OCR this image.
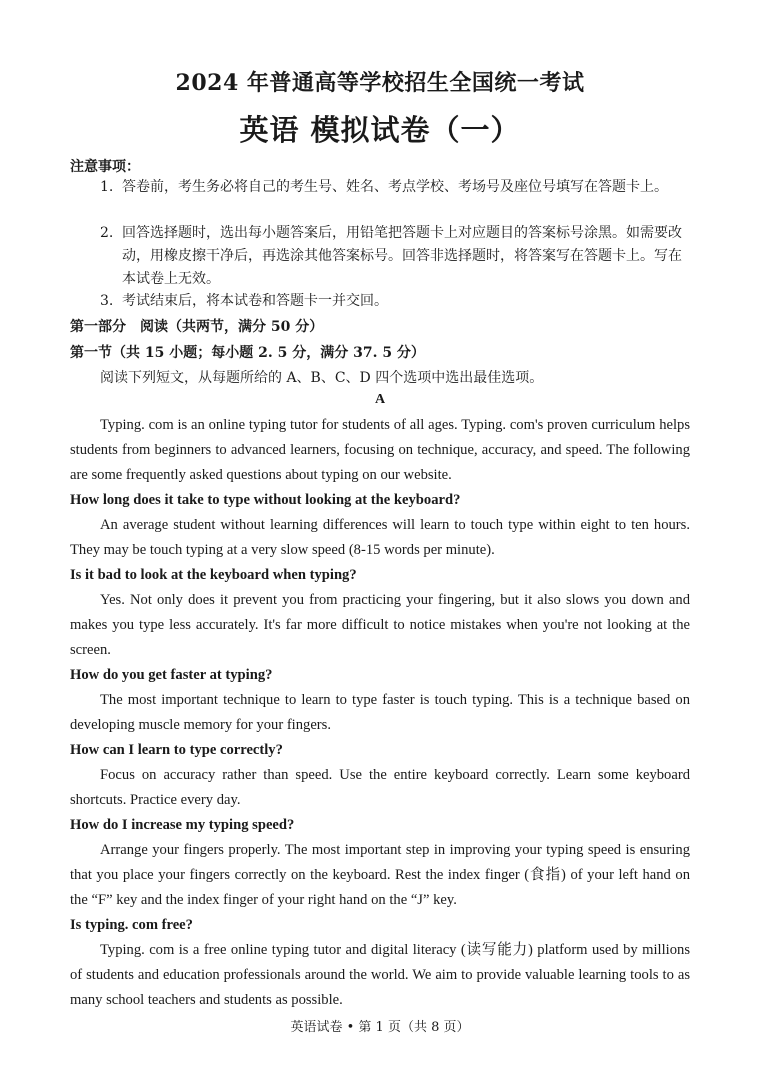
2024 年普通高等学校招生全国统一考试
英语 模拟试卷（一）
注意事项：
1. 答卷前，考生务必将自己的考生号、姓名、考点学校、考场号及座位号填写在答题卡上。
2. 回答选择题时，选出每小题答案后，用铅笔把答题卡上对应题目的答案标号涂黑。如需要改动，用橡皮擦干净后，再选涂其他答案标号。回答非选择题时，将答案写在答题卡上。写在本试卷上无效。
3. 考试结束后，将本试卷和答题卡一并交回。
第一部分　阅读（共两节，满分 50 分）
第一节（共 15 小题；每小题 2. 5 分，满分 37. 5 分）
阅读下列短文，从每题所给的 A、B、C、D 四个选项中选出最佳选项。
A
Typing. com is an online typing tutor for students of all ages. Typing. com's proven curriculum helps students from beginners to advanced learners, focusing on technique, accuracy, and speed. The following are some frequently asked questions about typing on our website.
How long does it take to type without looking at the keyboard?
An average student without learning differences will learn to touch type within eight to ten hours. They may be touch typing at a very slow speed (8-15 words per minute).
Is it bad to look at the keyboard when typing?
Yes. Not only does it prevent you from practicing your fingering, but it also slows you down and makes you type less accurately. It's far more difficult to notice mistakes when you're not looking at the screen.
How do you get faster at typing?
The most important technique to learn to type faster is touch typing. This is a technique based on developing muscle memory for your fingers.
How can I learn to type correctly?
Focus on accuracy rather than speed. Use the entire keyboard correctly. Learn some keyboard shortcuts. Practice every day.
How do I increase my typing speed?
Arrange your fingers properly. The most important step in improving your typing speed is ensuring that you place your fingers correctly on the keyboard. Rest the index finger (食指) of your left hand on the “F” key and the index finger of your right hand on the “J” key.
Is typing. com free?
Typing. com is a free online typing tutor and digital literacy (读写能力) platform used by millions of students and education professionals around the world. We aim to provide valuable learning tools to as many school teachers and students as possible.
英语试卷 • 第 1 页（共 8 页）
